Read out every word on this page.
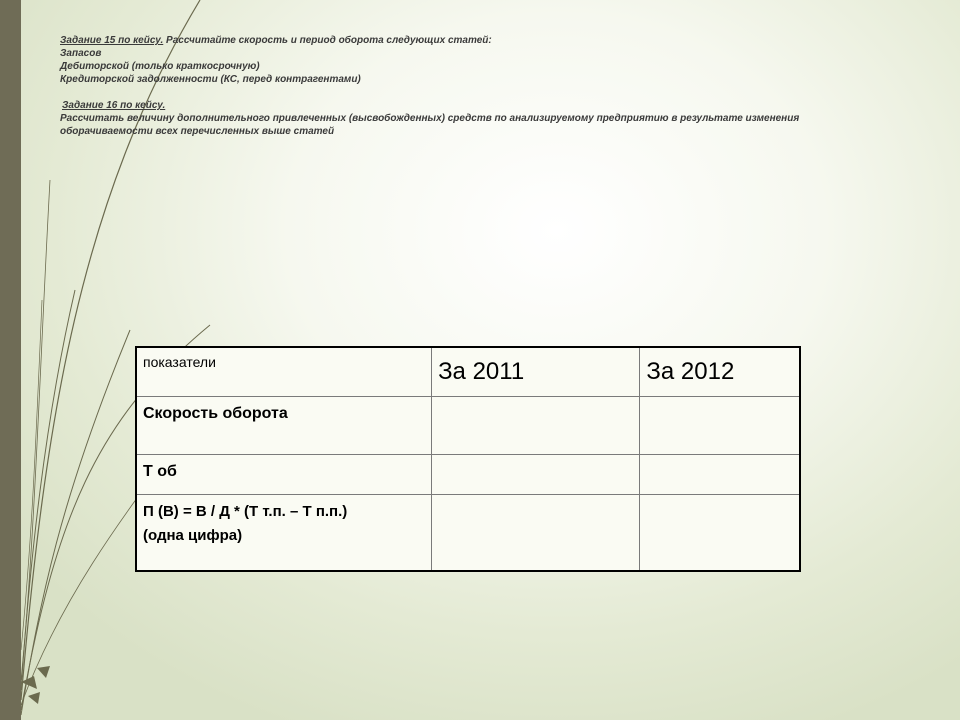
Задание 15 по кейсу. Рассчитайте скорость и период оборота следующих статей:
Запасов
Дебиторской (только краткосрочную)
Кредиторской задолженности (КС, перед контрагентами)
Задание 16 по кейсу.
Рассчитать величину дополнительного привлеченных (высвобожденных) средств по анализируемому предприятию в результате изменения
оборачиваемости всех перечисленных выше статей
показатели	За 2011	За 2012

Скорость оборота		

Т об		

П (В) = В / Д * (Т т.п. – Т п.п.)
(одна цифра)		
